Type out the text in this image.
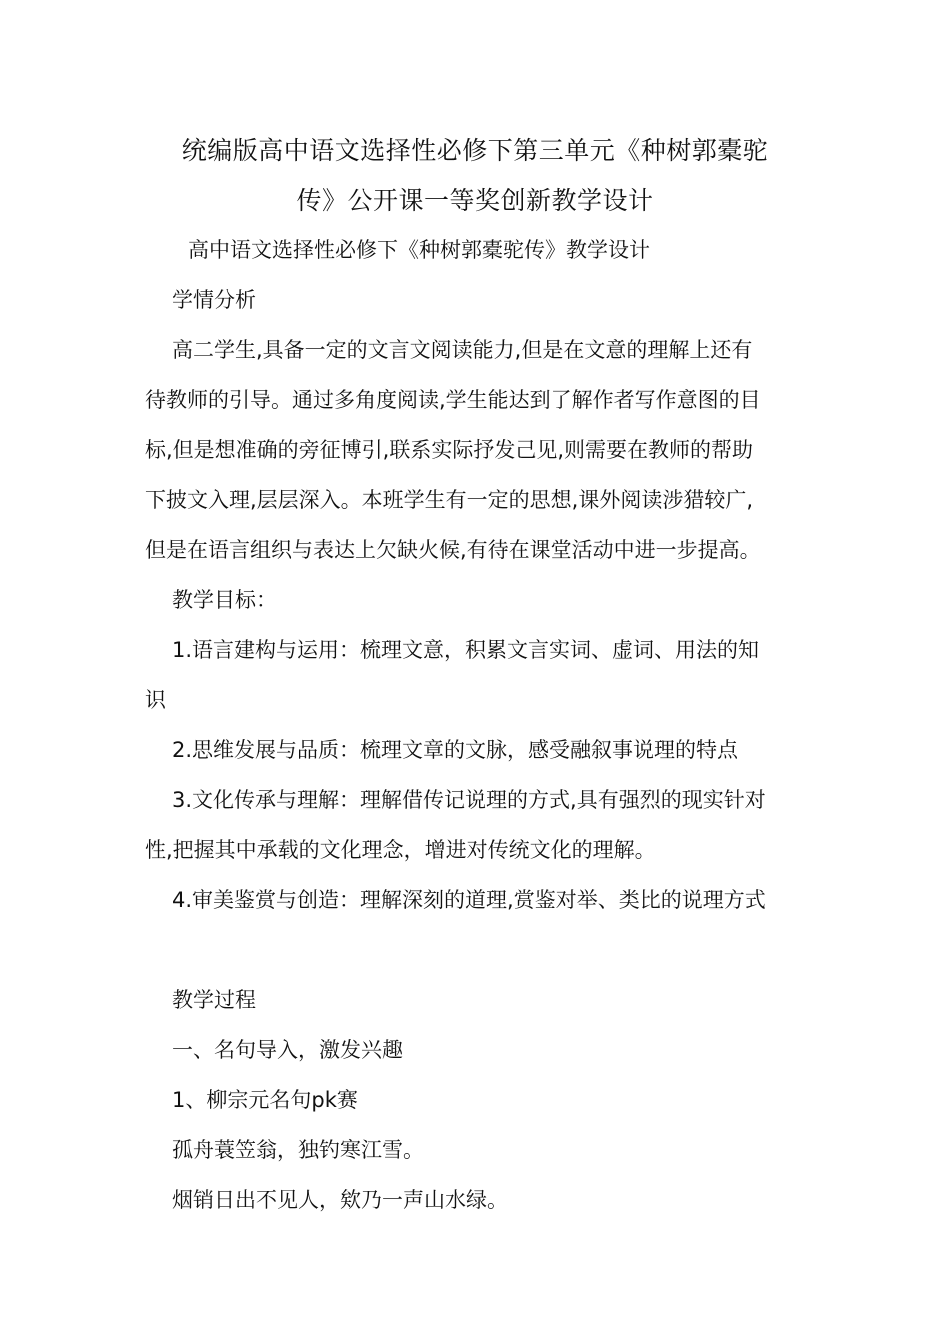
统编版高中语文选择性必修下第三单元《种树郭橐驼
传》公开课一等奖创新教学设计
高中语文选择性必修下《种树郭橐驼传》教学设计
学情分析
高二学生,具备一定的文言文阅读能力,但是在文意的理解上还有
待教师的引导。通过多角度阅读,学生能达到了解作者写作意图的目
标,但是想准确的旁征博引,联系实际抒发己见,则需要在教师的帮助
下披文入理,层层深入。本班学生有一定的思想,课外阅读涉猎较广,
但是在语言组织与表达上欠缺火候,有待在课堂活动中进一步提高。
教学目标：
1.语言建构与运用：梳理文意，积累文言实词、虚词、用法的知
识
2.思维发展与品质：梳理文章的文脉，感受融叙事说理的特点
3.文化传承与理解：理解借传记说理的方式,具有强烈的现实针对
性,把握其中承载的文化理念，增进对传统文化的理解。
4.审美鉴赏与创造：理解深刻的道理,赏鉴对举、类比的说理方式
教学过程
一、名句导入，激发兴趣
1、柳宗元名句pk赛
孤舟蓑笠翁，独钓寒江雪。
烟销日出不见人，欸乃一声山水绿。
